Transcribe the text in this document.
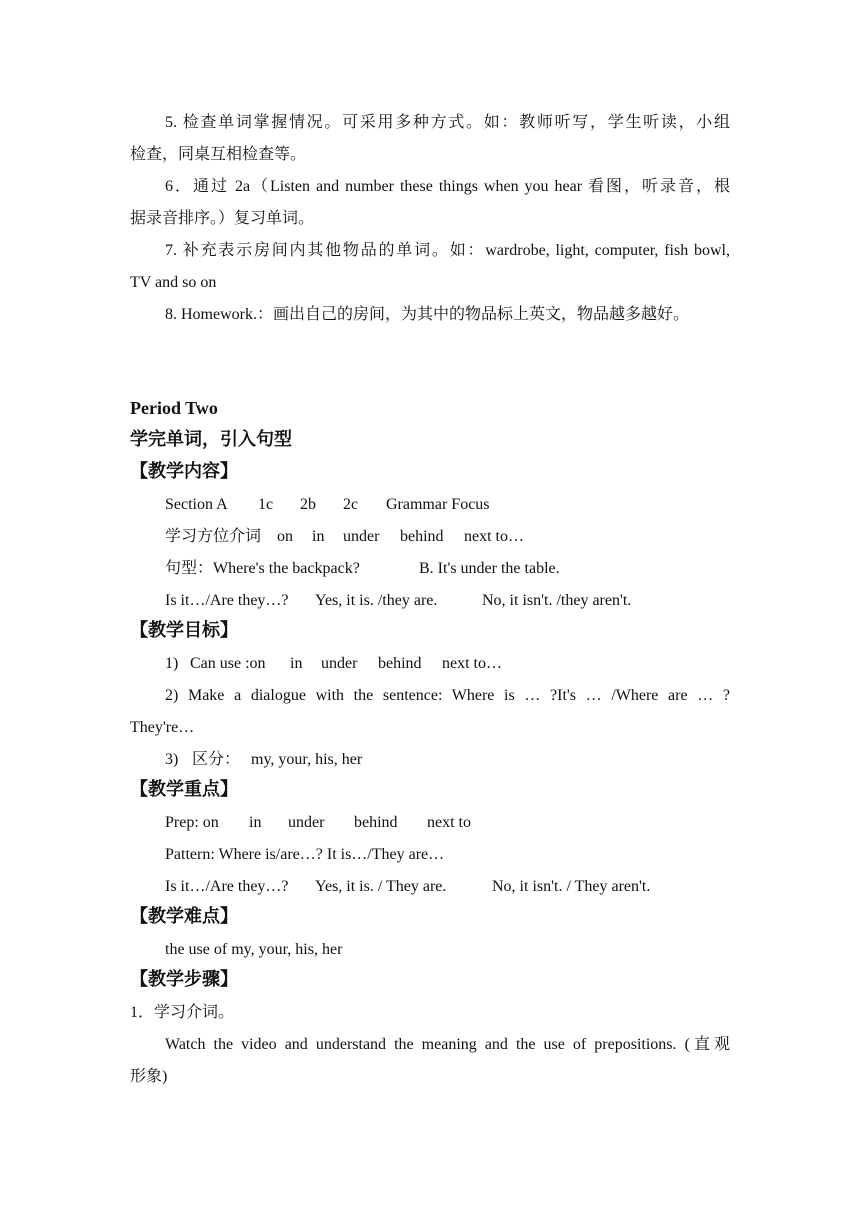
5. 检查单词掌握情况。可采用多种方式。如：教师听写，学生听读，小组
检查，同桌互相检查等。
6．通过 2a（Listen and number these things when you hear 看图，听录音，根
据录音排序。）复习单词。
7. 补充表示房间内其他物品的单词。如：wardrobe, light, computer, fish bowl,
TV and so on
8. Homework.：画出自己的房间，为其中的物品标上英文，物品越多越好。
Period Two
学完单词，引入句型
【教学内容】
Section A 1c 2b 2c Grammar Focus
学习方位介词 on in under behind next to…
句型：Where's the backpack?	B. It's under the table.
Is it…/Are they…? Yes, it is. /they are.	No, it isn't. /they aren't.
【教学目标】
1) Can use :on in under behind next to…
2) Make a dialogue with the sentence: Where is … ?It's … /Where are … ?
They're…
3) 区分： my, your, his, her
【教学重点】
Prep: on in under behind next to
Pattern: Where is/are…? It is…/They are…
Is it…/Are they…? Yes, it is. / They are.	No, it isn't. / They aren't.
【教学难点】
the use of my, your, his, her
【教学步骤】
1．学习介词。
Watch the video and understand the meaning and the use of prepositions. (直观
形象)
